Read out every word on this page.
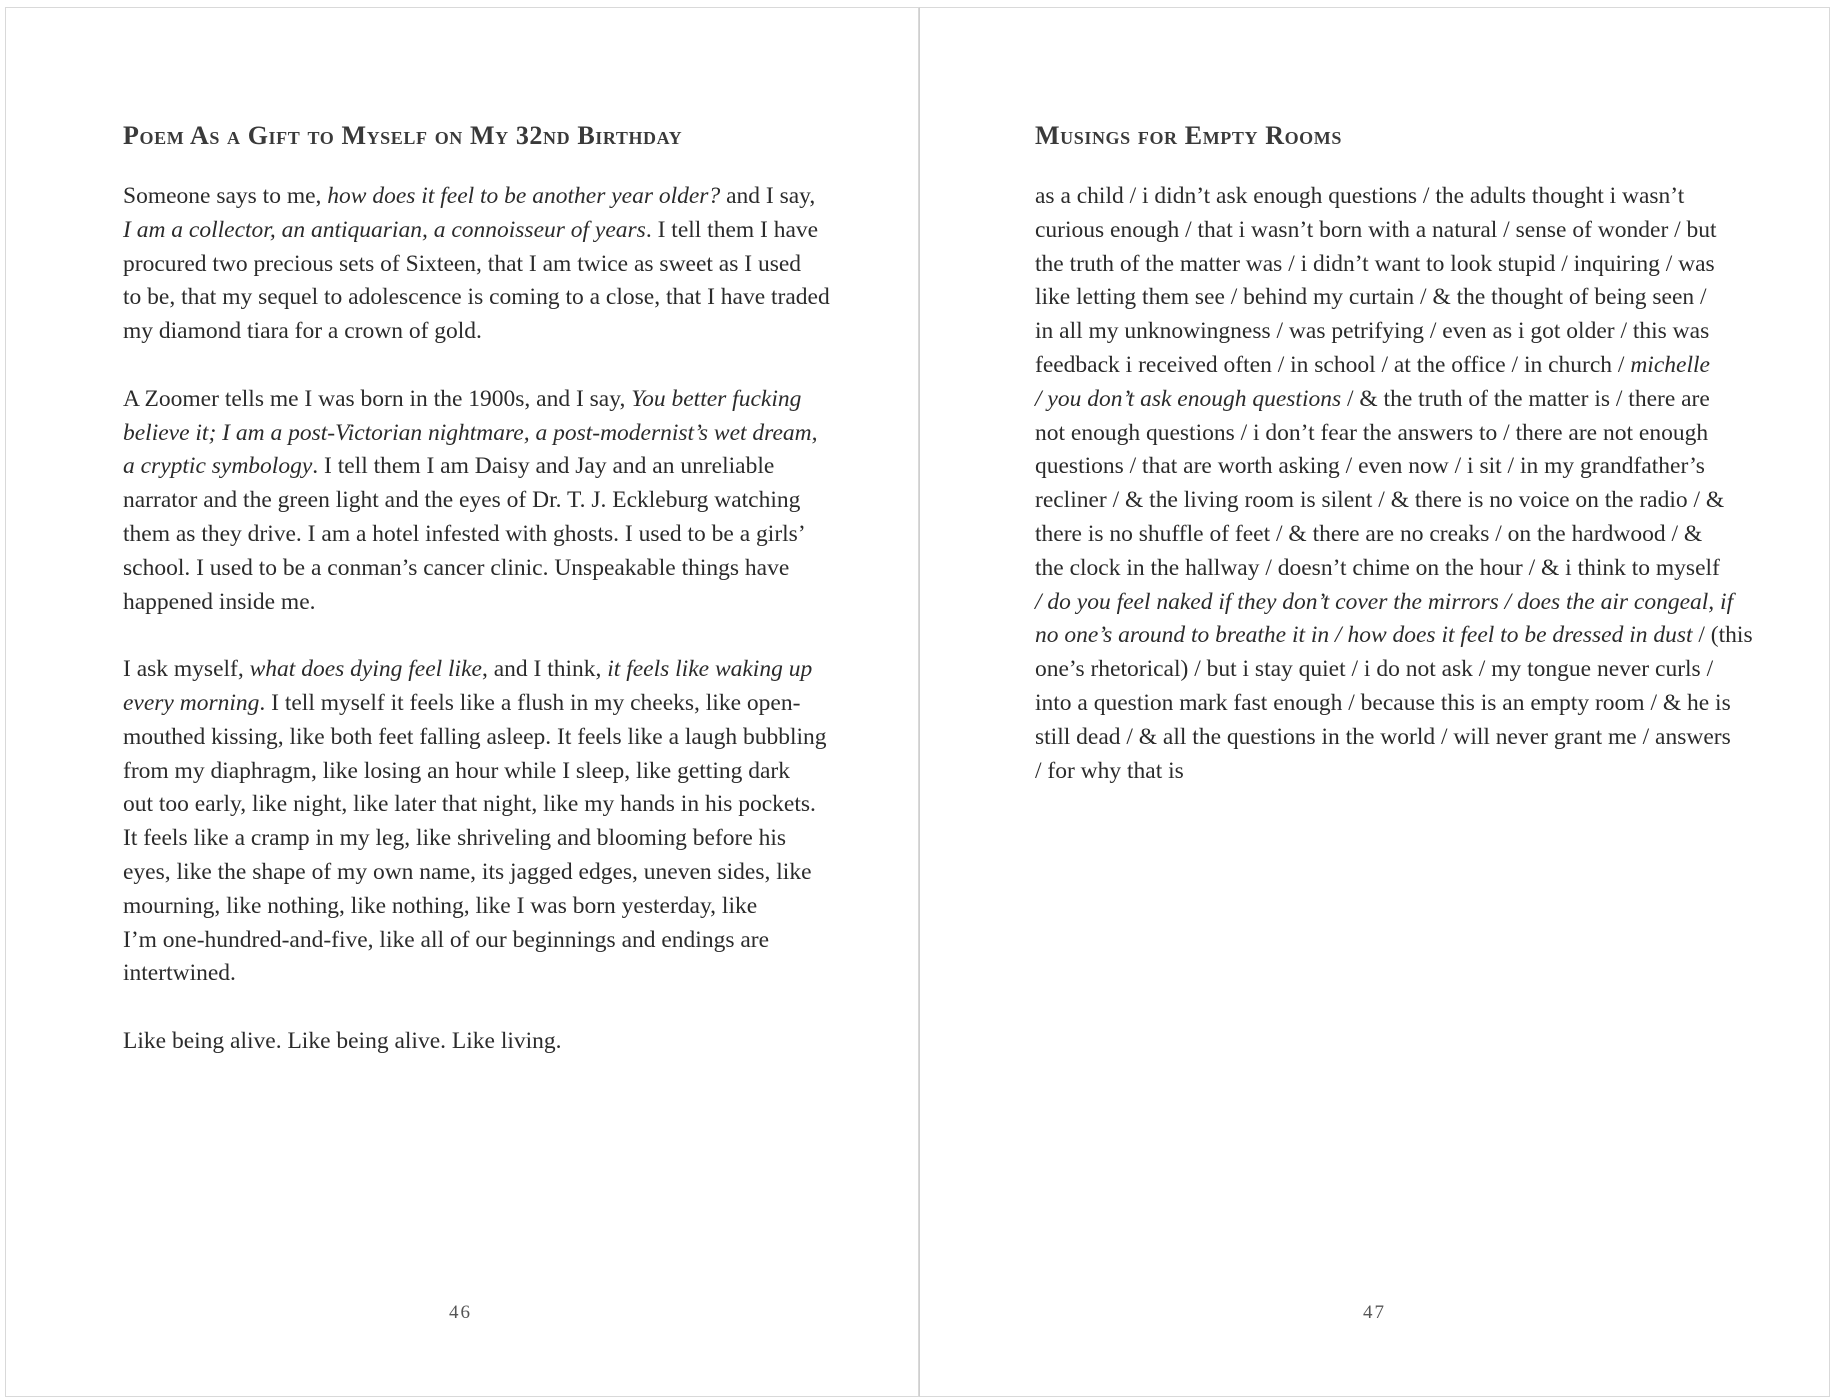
Poem As a Gift to Myself on My 32nd Birthday
Someone says to me, how does it feel to be another year older? and I say,
I am a collector, an antiquarian, a connoisseur of years. I tell them I have
procured two precious sets of Sixteen, that I am twice as sweet as I used
to be, that my sequel to adolescence is coming to a close, that I have traded
my diamond tiara for a crown of gold.
A Zoomer tells me I was born in the 1900s, and I say, You better fucking
believe it; I am a post-Victorian nightmare, a post-modernist’s wet dream,
a cryptic symbology. I tell them I am Daisy and Jay and an unreliable
narrator and the green light and the eyes of Dr. T. J. Eckleburg watching
them as they drive. I am a hotel infested with ghosts. I used to be a girls’
school. I used to be a conman’s cancer clinic. Unspeakable things have
happened inside me.
I ask myself, what does dying feel like, and I think, it feels like waking up
every morning. I tell myself it feels like a flush in my cheeks, like open-
mouthed kissing, like both feet falling asleep. It feels like a laugh bubbling
from my diaphragm, like losing an hour while I sleep, like getting dark
out too early, like night, like later that night, like my hands in his pockets.
It feels like a cramp in my leg, like shriveling and blooming before his
eyes, like the shape of my own name, its jagged edges, uneven sides, like
mourning, like nothing, like nothing, like I was born yesterday, like
I’m one-hundred-and-five, like all of our beginnings and endings are
intertwined.
Like being alive. Like being alive. Like living.
46
Musings for Empty Rooms
as a child / i didn’t ask enough questions / the adults thought i wasn’t
curious enough / that i wasn’t born with a natural / sense of wonder / but
the truth of the matter was / i didn’t want to look stupid / inquiring / was
like letting them see / behind my curtain / & the thought of being seen /
in all my unknowingness / was petrifying / even as i got older / this was
feedback i received often / in school / at the office / in church / michelle
/ you don’t ask enough questions / & the truth of the matter is / there are
not enough questions / i don’t fear the answers to / there are not enough
questions / that are worth asking / even now / i sit / in my grandfather’s
recliner / & the living room is silent / & there is no voice on the radio / &
there is no shuffle of feet / & there are no creaks / on the hardwood / &
the clock in the hallway / doesn’t chime on the hour / & i think to myself
/ do you feel naked if they don’t cover the mirrors / does the air congeal, if
no one’s around to breathe it in / how does it feel to be dressed in dust / (this
one’s rhetorical) / but i stay quiet / i do not ask / my tongue never curls /
into a question mark fast enough / because this is an empty room / & he is
still dead / & all the questions in the world / will never grant me / answers
/ for why that is
47
